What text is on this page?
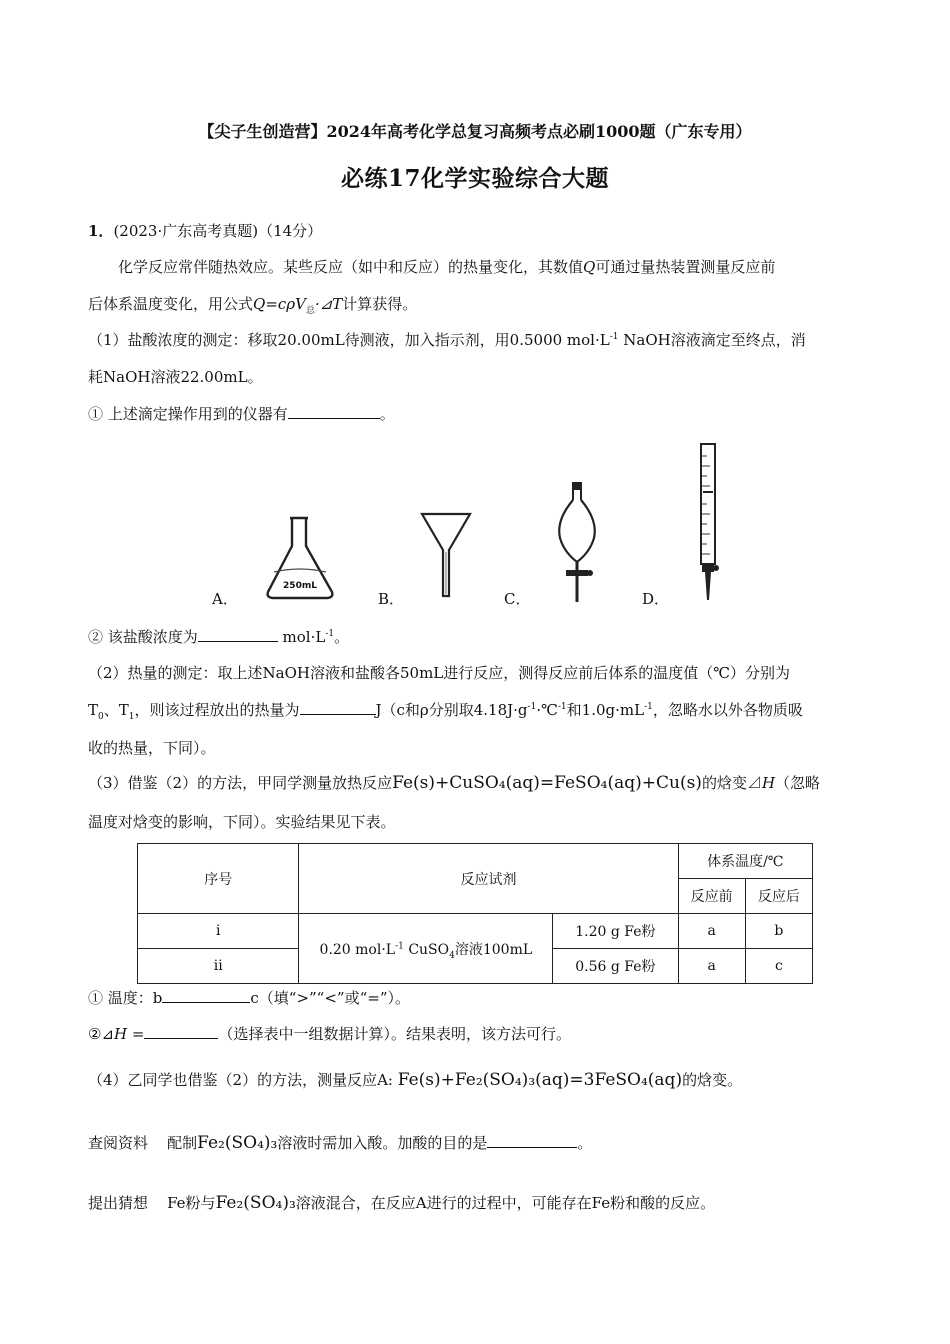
【尖子生创造营】2024年高考化学总复习高频考点必刷1000题（广东专用）
必练17化学实验综合大题
1．(2023·广东高考真题)（14分）
化学反应常伴随热效应。某些反应（如中和反应）的热量变化，其数值Q可通过量热装置测量反应前
后体系温度变化，用公式Q=cρV$_总$·⊿T计算获得。
（1）盐酸浓度的测定：移取20.00mL待测液，加入指示剂，用0.5000 $mol\cdot L^{-1}$ NaOH溶液滴定至终点，消
耗NaOH溶液22.00mL。
① 上述滴定操作用到的仪器有	。
A．	B．	C．	D．
250mL
② 该盐酸浓度为	$mol\cdot L^{-1}$。
（2）热量的测定：取上述NaOH溶液和盐酸各50mL进行反应，测得反应前后体系的温度值（℃）分别为
$T_0$、$T_1$，则该过程放出的热量为	J（c和ρ分别取$4.18J\cdot g^{-1}\cdot℃^{-1}$和$1.0g\cdot mL^{-1}$，忽略水以外各物质吸
收的热量，下同）。
（3）借鉴（2）的方法，甲同学测量放热反应Fe(s)+CuSO₄(aq)=FeSO₄(aq)+Cu(s)的焓变⊿H（忽略
温度对焓变的影响，下同）。实验结果见下表。
序号	反应试剂		体系温度/℃	
			反应前	反应后
i	0.20 $mol\cdot L^{-1}$ CuSO$_4$溶液100mL	1.20 g Fe粉	a	b
ii		0.56 g Fe粉	a	c
① 温度：b	c（填“>”“<”或“=”）。
②⊿H =	（选择表中一组数据计算）。结果表明，该方法可行。
（4）乙同学也借鉴（2）的方法，测量反应A: Fe(s)+Fe₂(SO₄)₃(aq)=3FeSO₄(aq)的焓变。
查阅资料 配制Fe₂(SO₄)₃溶液时需加入酸。加酸的目的是	。
提出猜想 Fe粉与Fe₂(SO₄)₃溶液混合，在反应A进行的过程中，可能存在Fe粉和酸的反应。
